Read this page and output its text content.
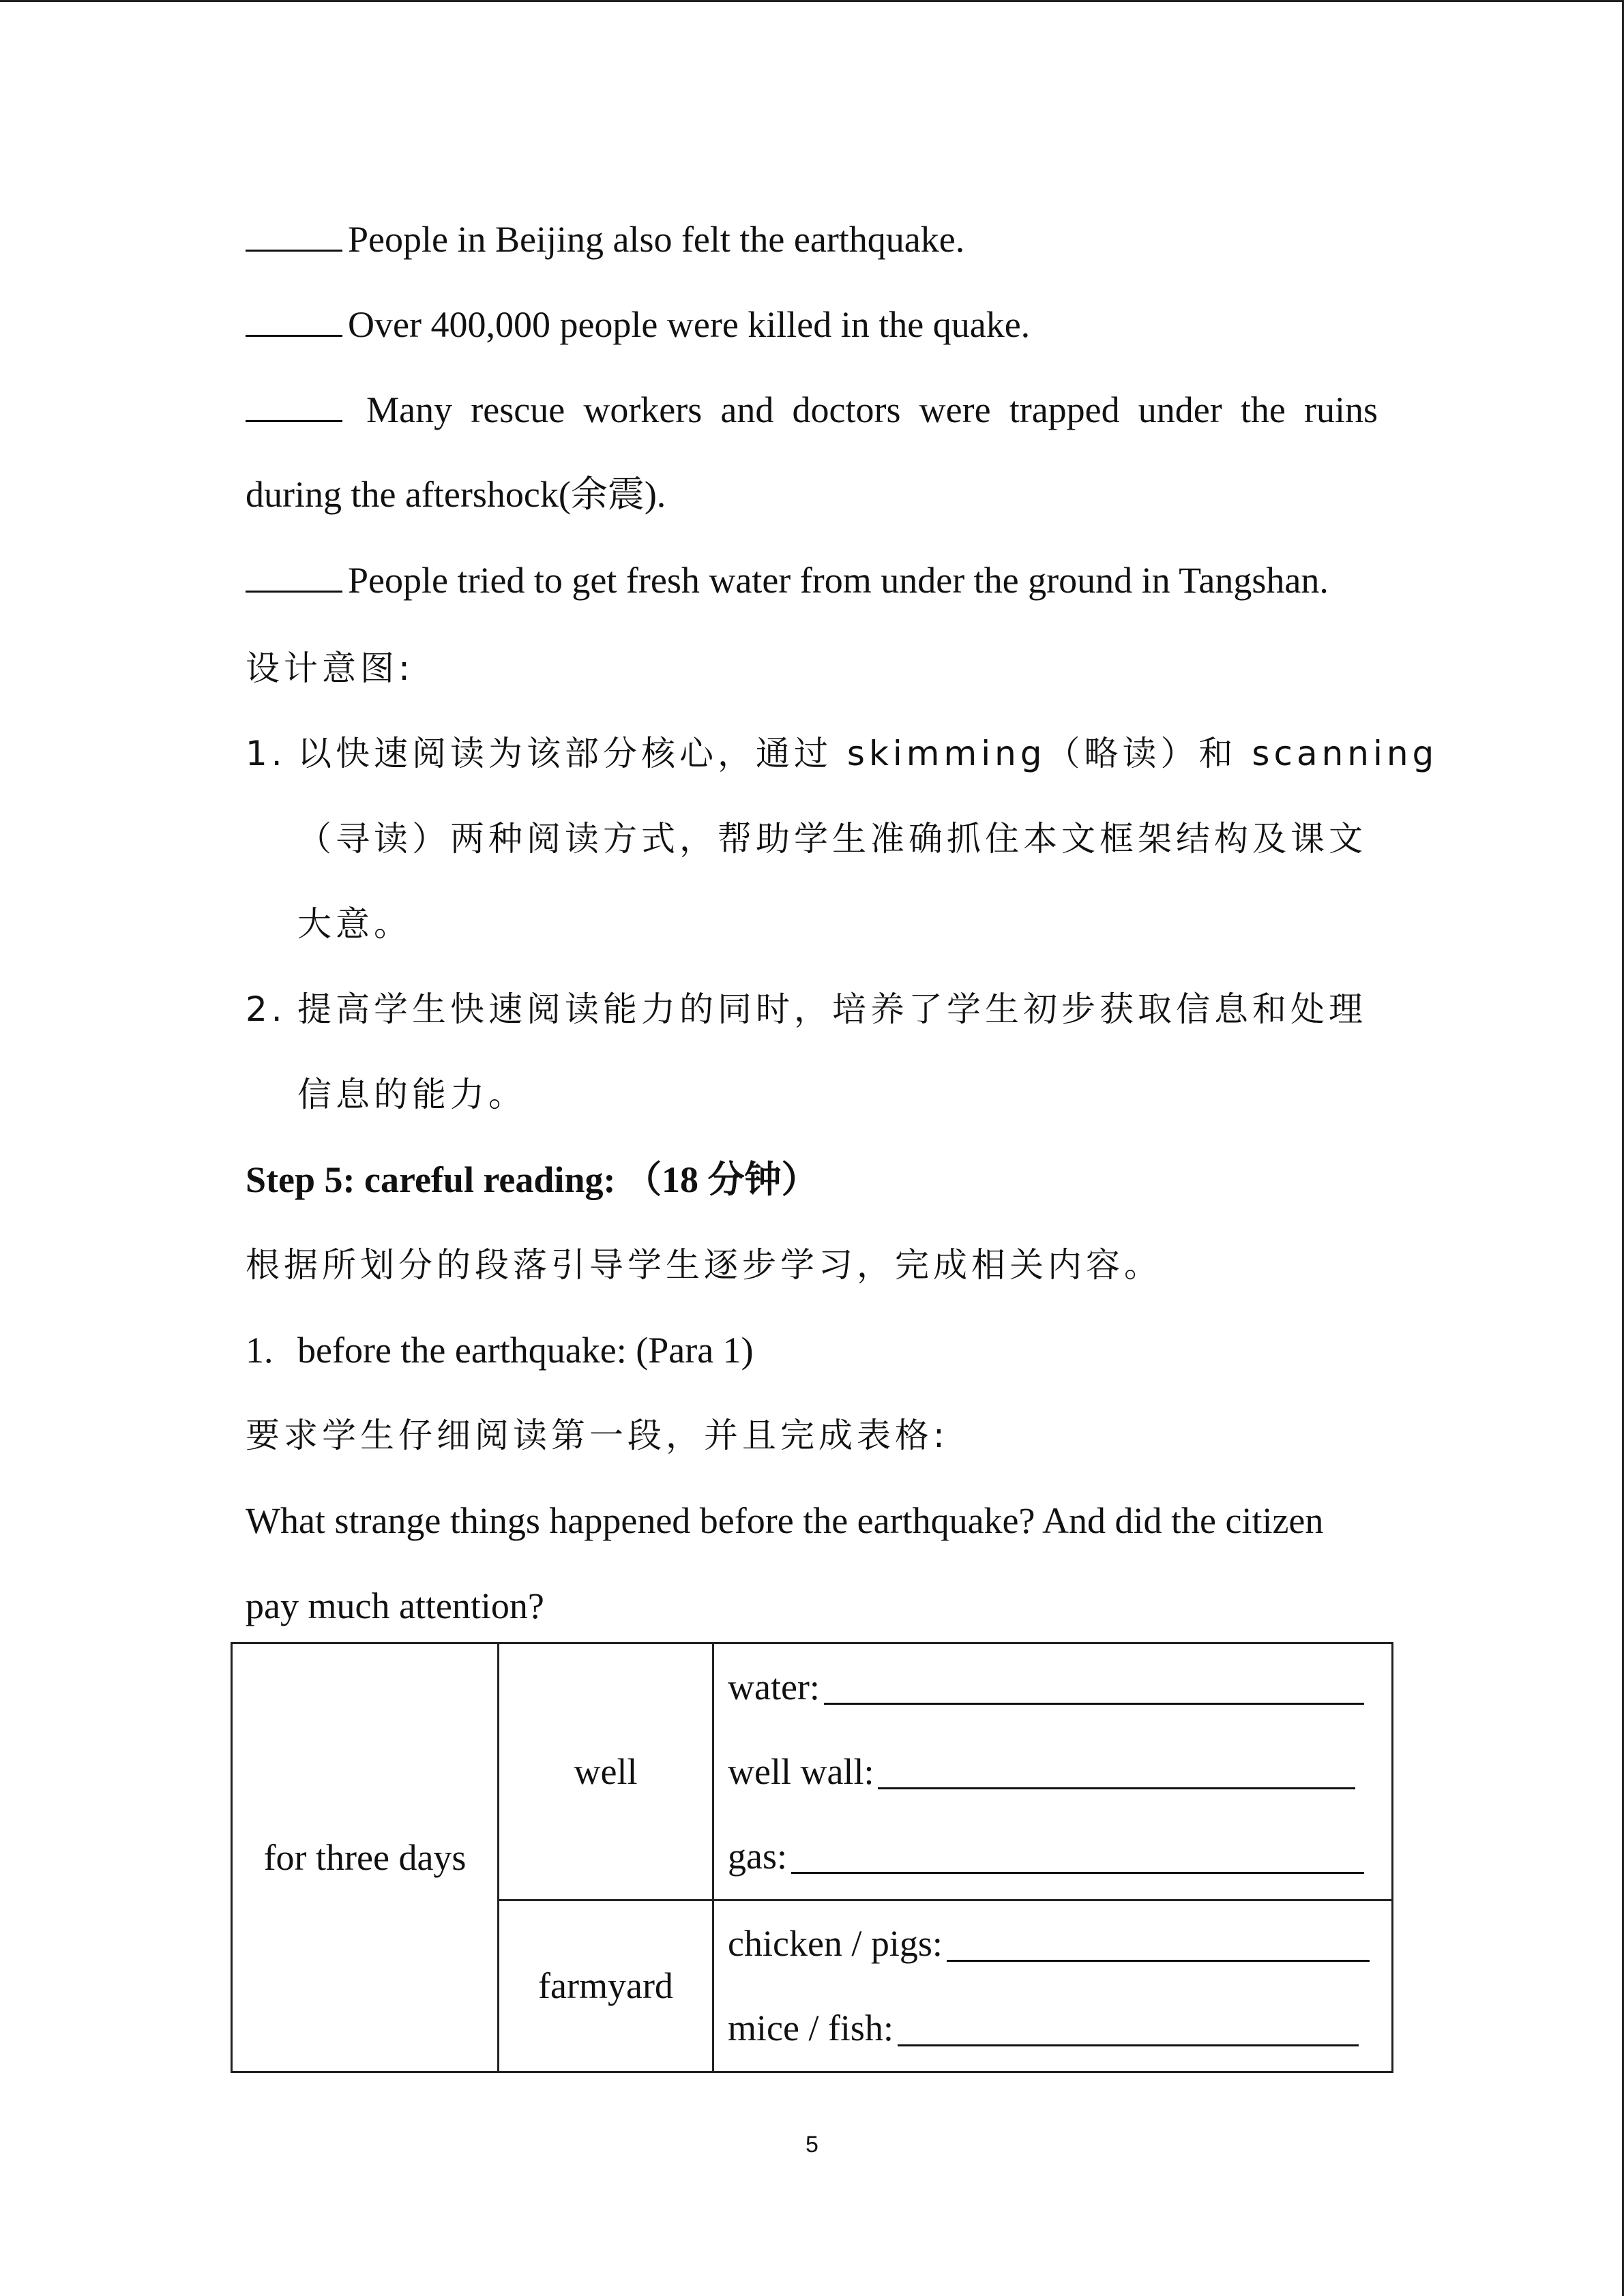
People in Beijing also felt the earthquake.
Over 400,000 people were killed in the quake.
Many rescue workers and doctors were trapped under the ruins
during the aftershock(余震).
People tried to get fresh water from under the ground in Tangshan.
设计意图:
1. 以快速阅读为该部分核心，通过 skimming（略读）和 scanning
（寻读）两种阅读方式，帮助学生准确抓住本文框架结构及课文
大意。
2. 提高学生快速阅读能力的同时，培养了学生初步获取信息和处理
信息的能力。
Step 5: careful reading: （18 分钟）
根据所划分的段落引导学生逐步学习，完成相关内容。
1. before the earthquake: (Para 1)
要求学生仔细阅读第一段，并且完成表格:
What strange things happened before the earthquake? And did the citizen
pay much attention?
for three days	well	water:
well wall:
gas:

	farmyard	chicken / pigs:
mice / fish:
5
